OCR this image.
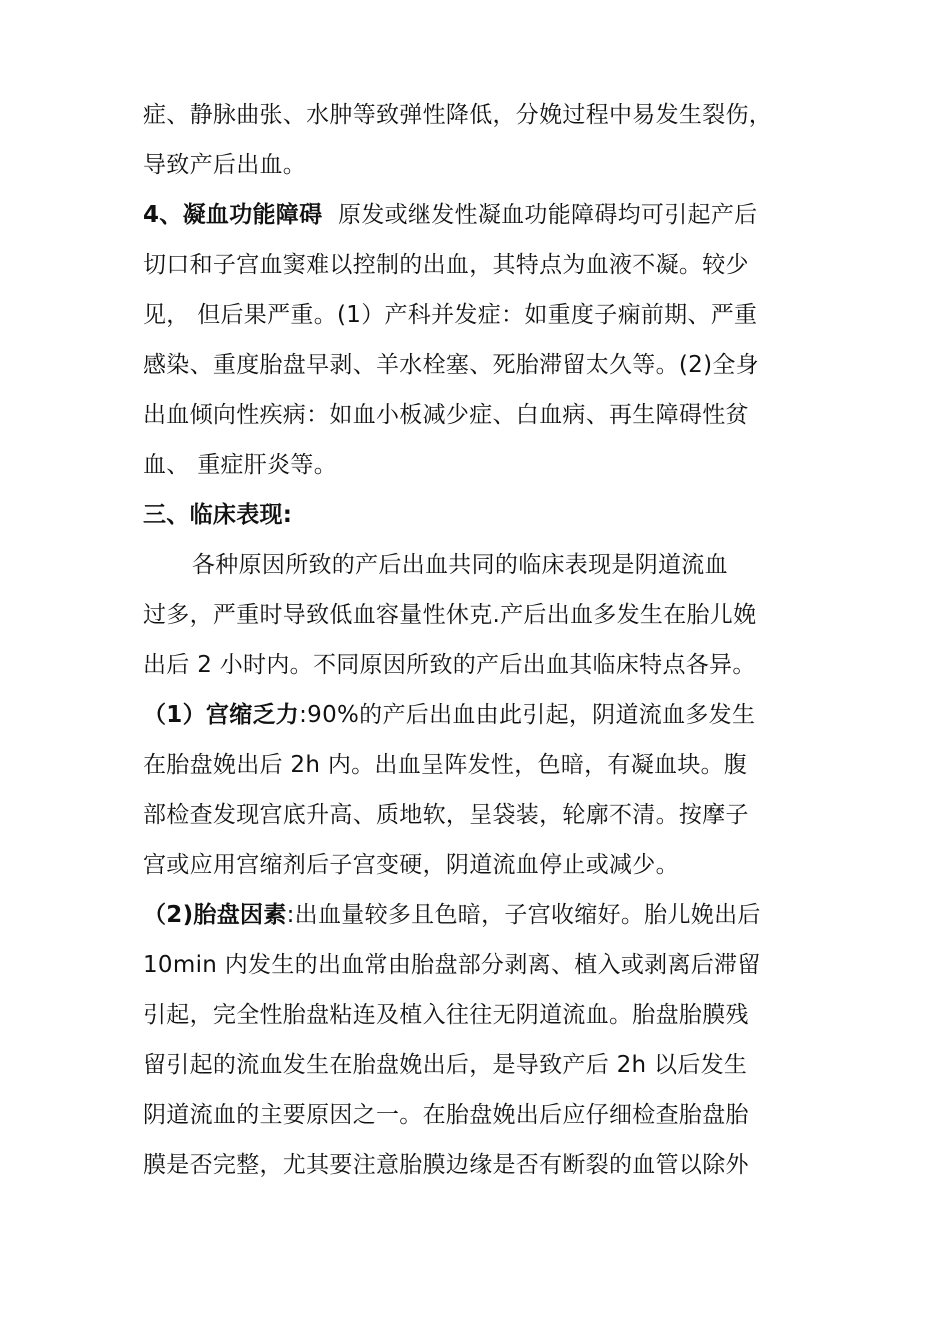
症、静脉曲张、水肿等致弹性降低，分娩过程中易发生裂伤，
导致产后出血。
4、凝血功能障碍 原发或继发性凝血功能障碍均可引起产后
切口和子宫血窦难以控制的出血，其特点为血液不凝。较少
见， 但后果严重。(1）产科并发症：如重度子痫前期、严重
感染、重度胎盘早剥、羊水栓塞、死胎滞留太久等。(2)全身
出血倾向性疾病：如血小板减少症、白血病、再生障碍性贫
血、 重症肝炎等。
三、临床表现:
各种原因所致的产后出血共同的临床表现是阴道流血
过多，严重时导致低血容量性休克.产后出血多发生在胎儿娩
出后 2 小时内。不同原因所致的产后出血其临床特点各异。
（1）宫缩乏力:90%的产后出血由此引起，阴道流血多发生
在胎盘娩出后 2h 内。出血呈阵发性，色暗，有凝血块。腹
部检查发现宫底升高、质地软，呈袋装，轮廓不清。按摩子
宫或应用宫缩剂后子宫变硬，阴道流血停止或减少。
（2)胎盘因素:出血量较多且色暗，子宫收缩好。胎儿娩出后
10min 内发生的出血常由胎盘部分剥离、植入或剥离后滞留
引起，完全性胎盘粘连及植入往往无阴道流血。胎盘胎膜残
留引起的流血发生在胎盘娩出后，是导致产后 2h 以后发生
阴道流血的主要原因之一。在胎盘娩出后应仔细检查胎盘胎
膜是否完整，尤其要注意胎膜边缘是否有断裂的血管以除外
